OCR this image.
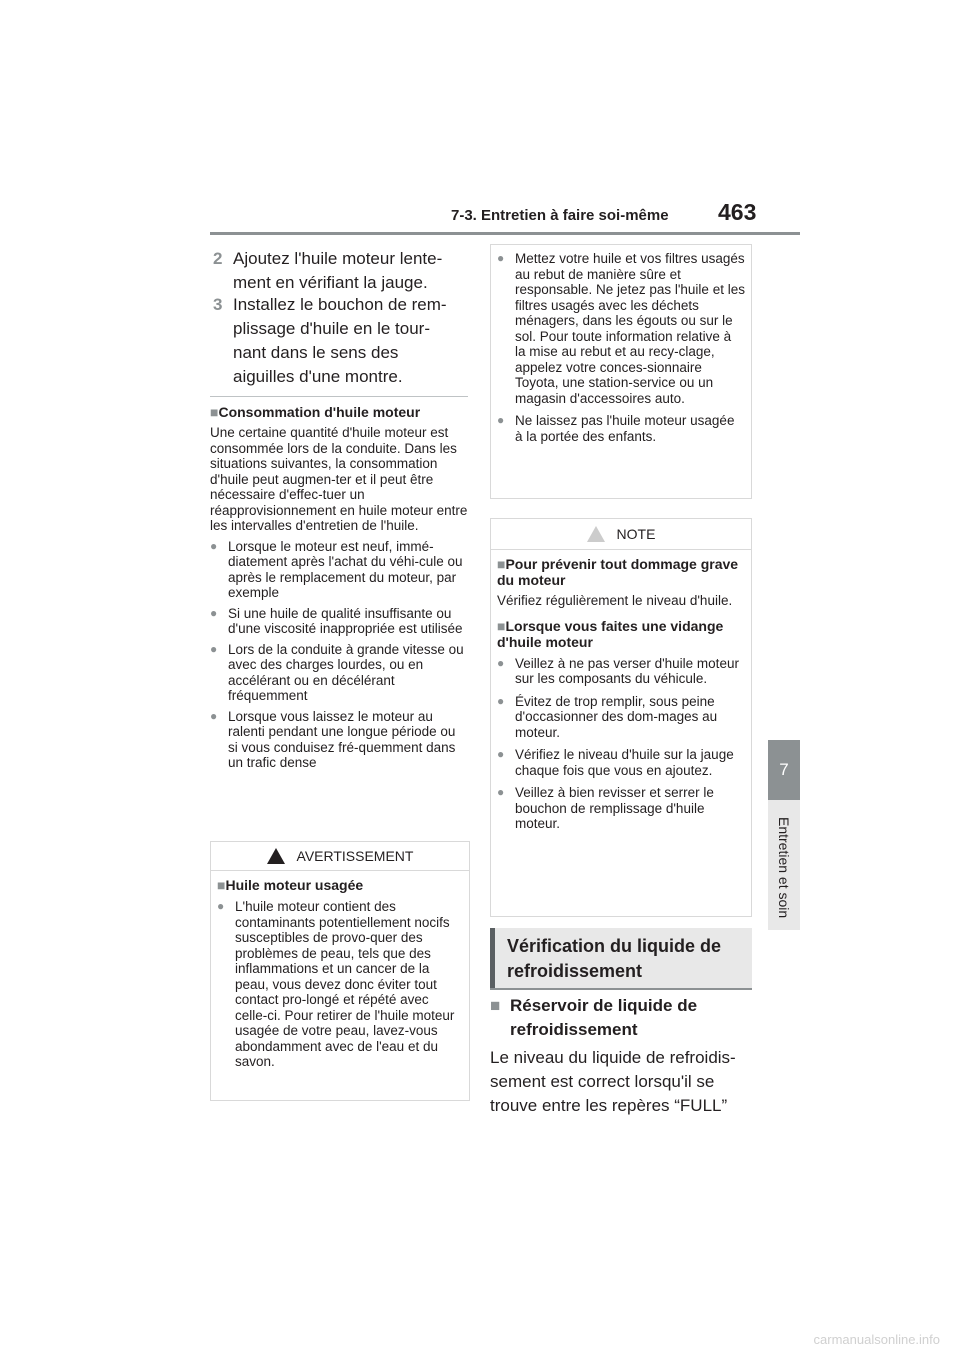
7-3. Entretien à faire soi-même 463
7
Entretien et soin
2 Ajoutez l'huile moteur lente-
ment en vérifiant la jauge.
3 Installez le bouchon de rem-
plissage d'huile en le tour-
nant dans le sens des
aiguilles d'une montre.
■Consommation d'huile moteur
Une certaine quantité d'huile moteur est consommée lors de la conduite. Dans les situations suivantes, la consommation d'huile peut augmen-ter et il peut être nécessaire d'effec-tuer un réapprovisionnement en huile moteur entre les intervalles d'entretien de l'huile.
● Lorsque le moteur est neuf, immé-diatement après l'achat du véhi-cule ou après le remplacement du moteur, par exemple
● Si une huile de qualité insuffisante ou d'une viscosité inappropriée est utilisée
● Lors de la conduite à grande vitesse ou avec des charges lourdes, ou en accélérant ou en décélérant fréquemment
● Lorsque vous laissez le moteur au ralenti pendant une longue période ou si vous conduisez fré-quemment dans un trafic dense
AVERTISSEMENT
■Huile moteur usagée
● L'huile moteur contient des contaminants potentiellement nocifs susceptibles de provo-quer des problèmes de peau, tels que des inflammations et un cancer de la peau, vous devez donc éviter tout contact pro-longé et répété avec celle-ci. Pour retirer de l'huile moteur usagée de votre peau, lavez-vous abondamment avec de l'eau et du savon.
● Mettez votre huile et vos filtres usagés au rebut de manière sûre et responsable. Ne jetez pas l'huile et les filtres usagés avec les déchets ménagers, dans les égouts ou sur le sol. Pour toute information relative à la mise au rebut et au recy-clage, appelez votre conces-sionnaire Toyota, une station-service ou un magasin d'accessoires auto.
● Ne laissez pas l'huile moteur usagée à la portée des enfants.
NOTE
■Pour prévenir tout dommage grave du moteur
Vérifiez régulièrement le niveau d'huile.
■Lorsque vous faites une vidange d'huile moteur
● Veillez à ne pas verser d'huile moteur sur les composants du véhicule.
● Évitez de trop remplir, sous peine d'occasionner des dom-mages au moteur.
● Vérifiez le niveau d'huile sur la jauge chaque fois que vous en ajoutez.
● Veillez à bien revisser et serrer le bouchon de remplissage d'huile moteur.
Vérification du liquide de refroidissement
■ Réservoir de liquide de refroidissement
Le niveau du liquide de refroidis-sement est correct lorsqu'il se trouve entre les repères “FULL”
carmanualsonline.info
